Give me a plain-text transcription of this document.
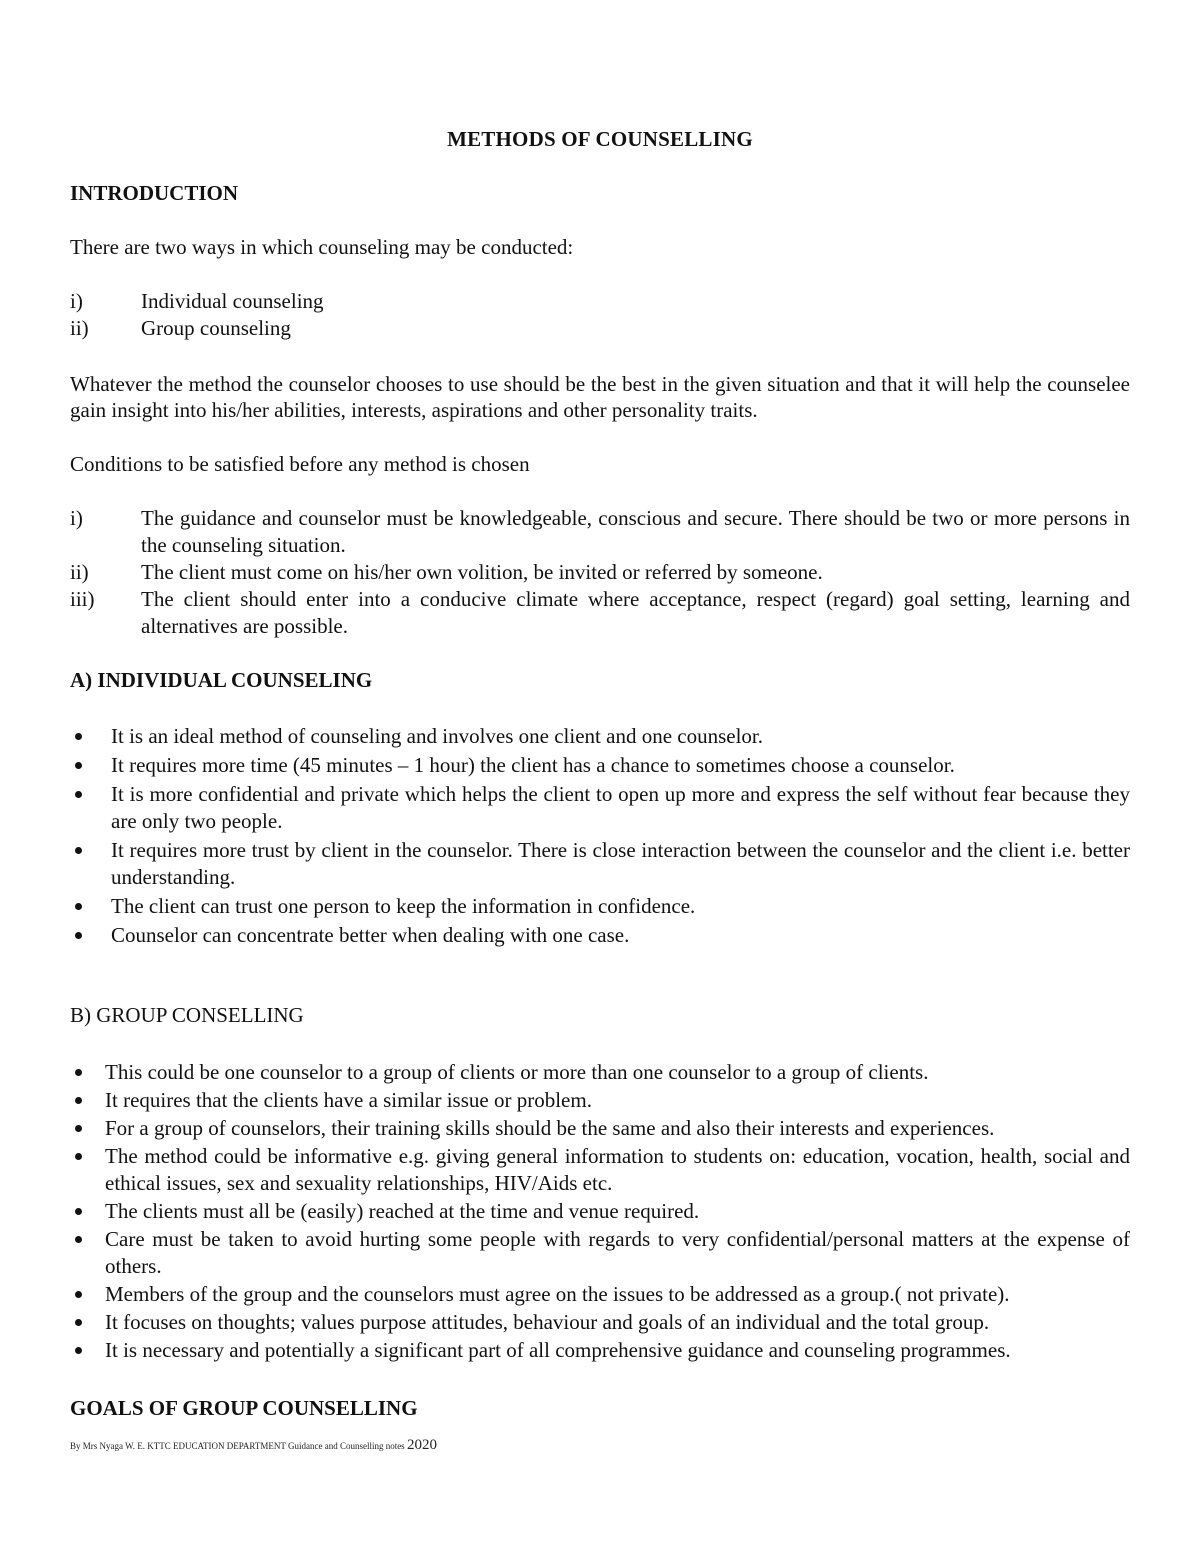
METHODS OF COUNSELLING
INTRODUCTION
There are two ways in which counseling may be conducted:
i)	Individual counseling
ii) Group counseling
Whatever the method the counselor chooses to use should be the best in the given situation and that it will help the counselee gain insight into his/her abilities, interests, aspirations and other personality traits.
Conditions to be satisfied before any method is chosen
i)	The guidance and counselor must be knowledgeable, conscious and secure. There should be two or more persons in the counseling situation.
ii) The client must come on his/her own volition, be invited or referred by someone.
iii) The client should enter into a conducive climate where acceptance, respect (regard) goal setting, learning and alternatives are possible.
A) INDIVIDUAL COUNSELING
It is an ideal method of counseling and involves one client and one counselor.
It requires more time (45 minutes – 1 hour) the client has a chance to sometimes choose a counselor.
It is more confidential and private which helps the client to open up more and express the self without fear because they are only two people.
It requires more trust by client in the counselor. There is close interaction between the counselor and the client i.e. better understanding.
The client can trust one person to keep the information in confidence.
Counselor can concentrate better when dealing with one case.
B) GROUP CONSELLING
This could be one counselor to a group of clients or more than one counselor to a group of clients.
It requires that the clients have a similar issue or problem.
For a group of counselors, their training skills should be the same and also their interests and experiences.
The method could be informative e.g. giving general information to students on: education, vocation, health, social and ethical issues, sex and sexuality relationships, HIV/Aids etc.
The clients must all be (easily) reached at the time and venue required.
Care must be taken to avoid hurting some people with regards to very confidential/personal matters at the expense of others.
Members of the group and the counselors must agree on the issues to be addressed as a group.( not private).
It focuses on thoughts; values purpose attitudes, behaviour and goals of an individual and the total group.
It is necessary and potentially a significant part of all comprehensive guidance and counseling programmes.
GOALS OF GROUP COUNSELLING
By Mrs Nyaga W. E. KTTC EDUCATION DEPARTMENT Guidance and Counselling notes 2020
